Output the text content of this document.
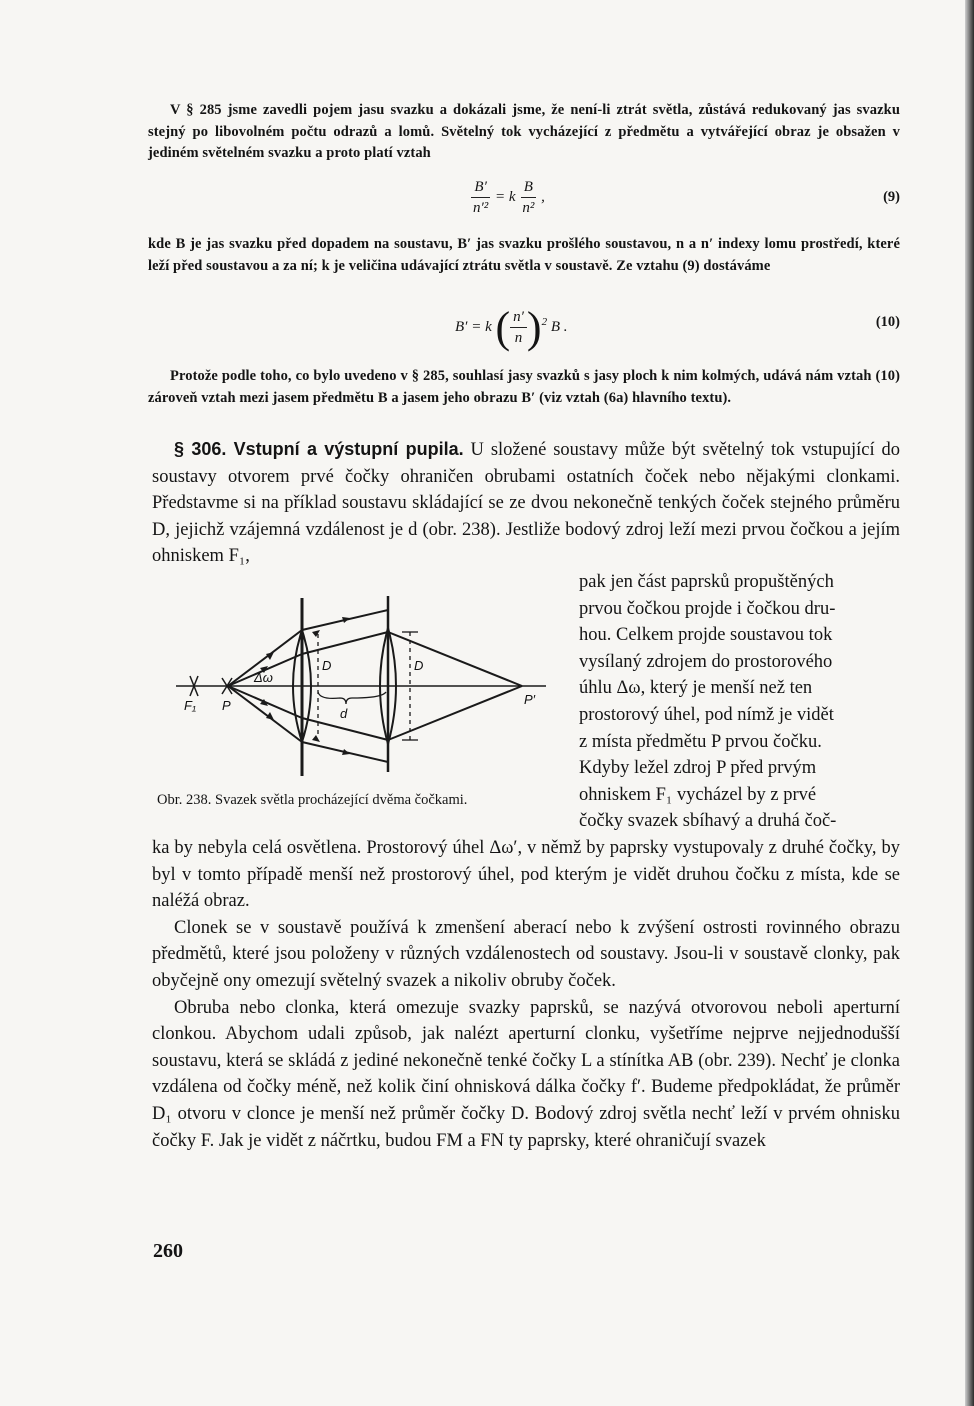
V § 285 jsme zavedli pojem jasu svazku a dokázali jsme, že není-li ztrát světla, zůstává redukovaný jas svazku stejný po libovolném počtu odrazů a lomů. Světelný tok vycházející z předmětu a vytvářející obraz je obsažen v jediném světelném svazku a proto platí vztah

$\frac{B'}{\text{n′²}} = k \frac{B}{\text{n²}}$ ,	(9)

kde B je jas svazku před dopadem na soustavu, B′ jas svazku prošlého soustavou, n a n′ indexy lomu prostředí, které leží před soustavou a za ní; k je veličina udávající ztrátu světla v soustavě. Ze vztahu (9) dostáváme

B′ = k ( $\frac{n'}{n} )^2$ B .	(10)

Protože podle toho, co bylo uvedeno v § 285, souhlasí jasy svazků s jasy ploch k nim kolmých, udává nám vztah (10) zároveň vztah mezi jasem předmětu B a jasem jeho obrazu B′ (viz vztah (6a) hlavního textu).

§ 306. Vstupní a výstupní pupila. U složené soustavy může být světelný tok vstupující do soustavy otvorem prvé čočky ohraničen obrubami ostatních čoček nebo nějakými clonkami. Představme si na příklad soustavu skládající se ze dvou nekonečně tenkých čoček stejného průměru D, jejichž vzájemná vzdálenost je d (obr. 238). Jestliže bodový zdroj leží mezi prvou čočkou a jejím ohniskem F₁,

pak jen část paprsků propuštěných

prvou čočkou projde i čočkou dru-

hou. Celkem projde soustavou tok

vysílaný zdrojem do prostorového

úhlu Δω, který je menší než ten

prostorový úhel, pod nímž je vidět

z místa předmětu P prvou čočku.

Kdyby ležel zdroj P před prvým

ohniskem F₁ vycházel by z prvé

čočky svazek sbíhavý a druhá čoč-

F₁ P	P′
Δω
D	D
d
Obr. 238. Svazek světla procházející dvěma čočkami.

ka by nebyla celá osvětlena. Prostorový úhel Δω′, v němž by paprsky vystupovaly z druhé čočky, by byl v tomto případě menší než prostorový úhel, pod kterým je vidět druhou čočku z místa, kde se naléžá obraz.

Clonek se v soustavě používá k zmenšení aberací nebo k zvýšení ostrosti rovinného obrazu předmětů, které jsou položeny v různých vzdálenostech od soustavy. Jsou-li v soustavě clonky, pak obyčejně ony omezují světelný svazek a nikoliv obruby čoček.

Obruba nebo clonka, která omezuje svazky paprsků, se nazývá otvorovou neboli aperturní clonkou. Abychom udali způsob, jak nalézt aperturní clonku, vyšetříme nejprve nejjednodušší soustavu, která se skládá z jediné nekonečně tenké čočky L a stínítka AB (obr. 239). Nechť je clonka vzdálena od čočky méně, než kolik činí ohnisková dálka čočky f′. Budeme předpokládat, že průměr D₁ otvoru v clonce je menší než průměr čočky D. Bodový zdroj světla nechť leží v prvém ohnisku čočky F. Jak je vidět z náčrtku, budou FM a FN ty paprsky, které ohraničují svazek

260
